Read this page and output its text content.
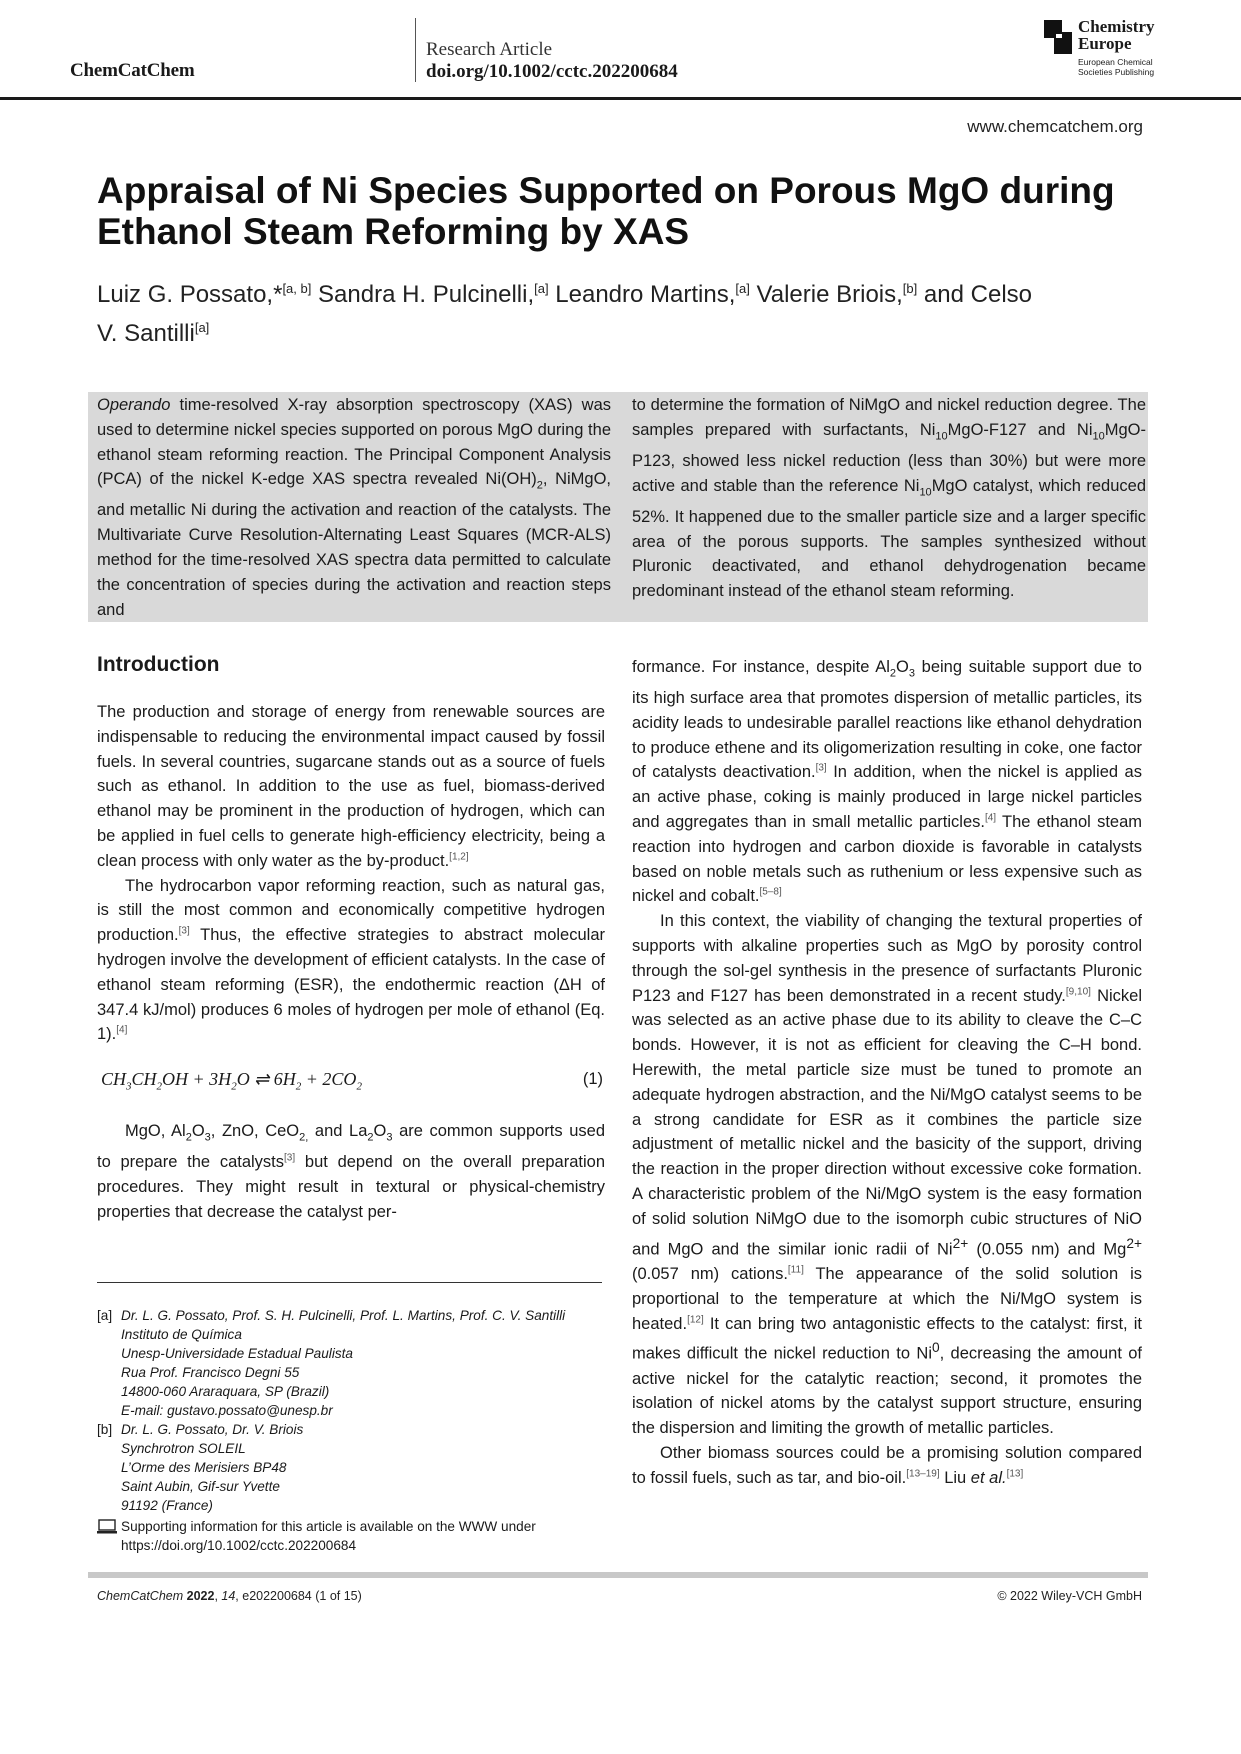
ChemCatChem
Research Article
doi.org/10.1002/cctc.202200684
Chemistry
Europe
European Chemical
Societies Publishing
www.chemcatchem.org
Appraisal of Ni Species Supported on Porous MgO during Ethanol Steam Reforming by XAS
Luiz G. Possato,*[a, b] Sandra H. Pulcinelli,[a] Leandro Martins,[a] Valerie Briois,[b] and Celso V. Santilli[a]
Operando time-resolved X-ray absorption spectroscopy (XAS) was used to determine nickel species supported on porous MgO during the ethanol steam reforming reaction. The Principal Component Analysis (PCA) of the nickel K-edge XAS spectra revealed $Ni(OH)_2$, NiMgO, and metallic Ni during the activation and reaction of the catalysts. The Multivariate Curve Resolution-Alternating Least Squares (MCR-ALS) method for the time-resolved XAS spectra data permitted to calculate the concentration of species during the activation and reaction steps and
to determine the formation of NiMgO and nickel reduction degree. The samples prepared with surfactants, $Ni_{10}MgO-F127$ and $Ni_{10}MgO-P123$, showed less nickel reduction (less than 30%) but were more active and stable than the reference $Ni_{10}MgO$ catalyst, which reduced 52%. It happened due to the smaller particle size and a larger specific area of the porous supports. The samples synthesized without Pluronic deactivated, and ethanol dehydrogenation became predominant instead of the ethanol steam reforming.
Introduction

The production and storage of energy from renewable sources are indispensable to reducing the environmental impact caused by fossil fuels. In several countries, sugarcane stands out as a source of fuels such as ethanol. In addition to the use as fuel, biomass-derived ethanol may be prominent in the production of hydrogen, which can be applied in fuel cells to generate high-efficiency electricity, being a clean process with only water as the by-product.[1,2]

The hydrocarbon vapor reforming reaction, such as natural gas, is still the most common and economically competitive hydrogen production.[3] Thus, the effective strategies to abstract molecular hydrogen involve the development of efficient catalysts. In the case of ethanol steam reforming (ESR), the endothermic reaction (ΔH of 347.4 kJ/mol) produces 6 moles of hydrogen per mole of ethanol (Eq. 1).[4]

$CH_3CH_2OH + 3H_2O$ ⇌ $6H_2 + 2CO_2$	(1)

MgO, $Al_2O_3$, ZnO, CeO$_{2,}$ and $La_2O_3$ are common supports used to prepare the catalysts[3] but depend on the overall preparation procedures. They might result in textural or physical-chemistry properties that decrease the catalyst per-

formance. For instance, despite $Al_2O_3$ being suitable support due to its high surface area that promotes dispersion of metallic particles, its acidity leads to undesirable parallel reactions like ethanol dehydration to produce ethene and its oligomerization resulting in coke, one factor of catalysts deactivation.[3] In addition, when the nickel is applied as an active phase, coking is mainly produced in large nickel particles and aggregates than in small metallic particles.[4] The ethanol steam reaction into hydrogen and carbon dioxide is favorable in catalysts based on noble metals such as ruthenium or less expensive such as nickel and cobalt.[5–8]

In this context, the viability of changing the textural properties of supports with alkaline properties such as MgO by porosity control through the sol-gel synthesis in the presence of surfactants Pluronic P123 and F127 has been demonstrated in a recent study.[9,10] Nickel was selected as an active phase due to its ability to cleave the C–C bonds. However, it is not as efficient for cleaving the C–H bond. Herewith, the metal particle size must be tuned to promote an adequate hydrogen abstraction, and the Ni/MgO catalyst seems to be a strong candidate for ESR as it combines the particle size adjustment of metallic nickel and the basicity of the support, driving the reaction in the proper direction without excessive coke formation. A characteristic problem of the Ni/MgO system is the easy formation of solid solution NiMgO due to the isomorph cubic structures of NiO and MgO and the similar ionic radii of $Ni^{2+}$ (0.055 nm) and $Mg^{2+}$ (0.057 nm) cations.[11] The appearance of the solid solution is proportional to the temperature at which the Ni/MgO system is heated.[12] It can bring two antagonistic effects to the catalyst: first, it makes difficult the nickel reduction to Ni$^0$, decreasing the amount of active nickel for the catalytic reaction; second, it promotes the isolation of nickel atoms by the catalyst support structure, ensuring the dispersion and limiting the growth of metallic particles.

Other biomass sources could be a promising solution compared to fossil fuels, such as tar, and bio-oil.[13–19] Liu et al.[13]

[a] Dr. L. G. Possato, Prof. S. H. Pulcinelli, Prof. L. Martins, Prof. C. V. Santilli
Instituto de Química
Unesp-Universidade Estadual Paulista
Rua Prof. Francisco Degni 55
14800-060 Araraquara, SP (Brazil)
E-mail: gustavo.possato@unesp.br
[b] Dr. L. G. Possato, Dr. V. Briois
Synchrotron SOLEIL
L’Orme des Merisiers BP48
Saint Aubin, Gif-sur Yvette
91192 (France)
Supporting information for this article is available on the WWW under
https://doi.org/10.1002/cctc.202200684
ChemCatChem 2022, 14, e202200684 (1 of 15)	© 2022 Wiley-VCH GmbH
